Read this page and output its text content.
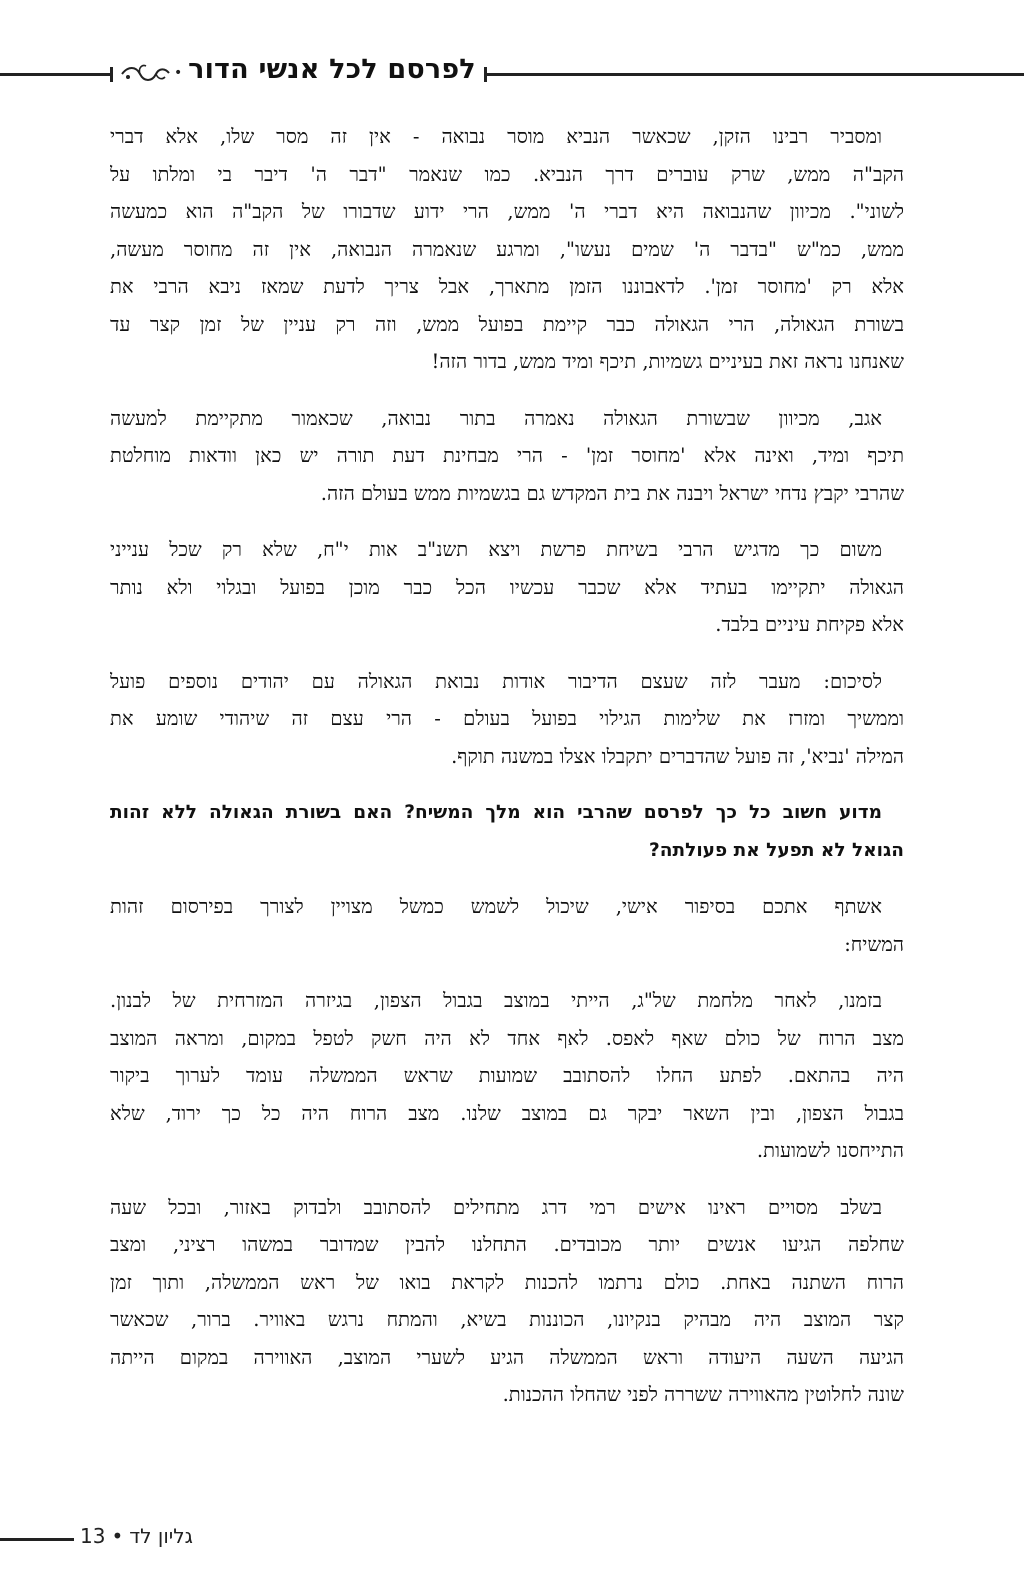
• לפרסם לכל אנשי הדור
ומסביר רבינו הזקן, שכאשר הנביא מוסר נבואה - אין זה מסר שלו, אלא דברי
הקב"ה ממש, שרק עוברים דרך הנביא. כמו שנאמר "דבר ה' דיבר בי ומלתו על
לשוני". מכיוון שהנבואה היא דברי ה' ממש, הרי ידוע שדבורו של הקב"ה הוא כמעשה
ממש, כמ"ש "בדבר ה' שמים נעשו", ומרגע שנאמרה הנבואה, אין זה מחוסר מעשה,
אלא רק 'מחוסר זמן'. לדאבוננו הזמן מתארך, אבל צריך לדעת שמאז ניבא הרבי את
בשורת הגאולה, הרי הגאולה כבר קיימת בפועל ממש, וזה רק עניין של זמן קצר עד
שאנחנו נראה זאת בעיניים גשמיות, תיכף ומיד ממש, בדור הזה!
אגב, מכיוון שבשורת הגאולה נאמרה בתור נבואה, שכאמור מתקיימת למעשה
תיכף ומיד, ואינה אלא 'מחוסר זמן' - הרי מבחינת דעת תורה יש כאן וודאות מוחלטת
שהרבי יקבץ נדחי ישראל ויבנה את בית המקדש גם בגשמיות ממש בעולם הזה.
משום כך מדגיש הרבי בשיחת פרשת ויצא תשנ"ב אות י"ח, שלא רק שכל ענייני
הגאולה יתקיימו בעתיד אלא שכבר עכשיו הכל כבר מוכן בפועל ובגלוי ולא נותר
אלא פקיחת עיניים בלבד.
לסיכום: מעבר לזה שעצם הדיבור אודות נבואת הגאולה עם יהודים נוספים פועל
וממשיך ומזרז את שלימות הגילוי בפועל בעולם - הרי עצם זה שיהודי שומע את
המילה 'נביא', זה פועל שהדברים יתקבלו אצלו במשנה תוקף.
מדוע חשוב כל כך לפרסם שהרבי הוא מלך המשיח? האם בשורת הגאולה ללא זהות
הגואל לא תפעל את פעולתה?
אשתף אתכם בסיפור אישי, שיכול לשמש כמשל מצויין לצורך בפירסום זהות
המשיח:
בזמנו, לאחר מלחמת של"ג, הייתי במוצב בגבול הצפון, בגיזרה המזרחית של לבנון.
מצב הרוח של כולם שאף לאפס. לאף אחד לא היה חשק לטפל במקום, ומראה המוצב
היה בהתאם. לפתע החלו להסתובב שמועות שראש הממשלה עומד לערוך ביקור
בגבול הצפון, ובין השאר יבקר גם במוצב שלנו. מצב הרוח היה כל כך ירוד, שלא
התייחסנו לשמועות.
בשלב מסויים ראינו אישים רמי דרג מתחילים להסתובב ולבדוק באזור, ובכל שעה
שחלפה הגיעו אנשים יותר מכובדים. התחלנו להבין שמדובר במשהו רציני, ומצב
הרוח השתנה באחת. כולם נרתמו להכנות לקראת בואו של ראש הממשלה, ותוך זמן
קצר המוצב היה מבהיק בנקיונו, הכוננות בשיא, והמתח נרגש באוויר. ברור, שכאשר
הגיעה השעה היעודה וראש הממשלה הגיע לשערי המוצב, האווירה במקום הייתה
שונה לחלוטין מהאווירה ששררה לפני שהחלו ההכנות.
13 • גליון לד
